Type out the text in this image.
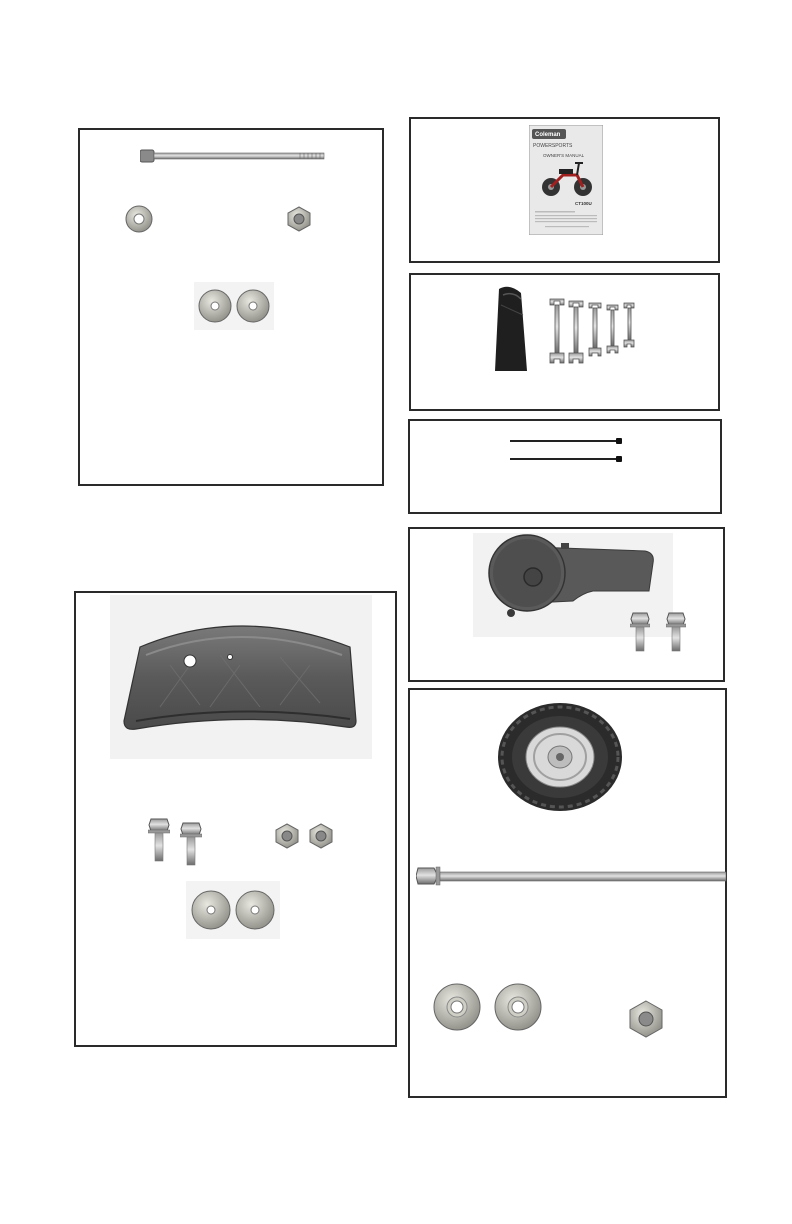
Coleman
POWERSPORTS
OWNER'S MANUAL
CT100U
